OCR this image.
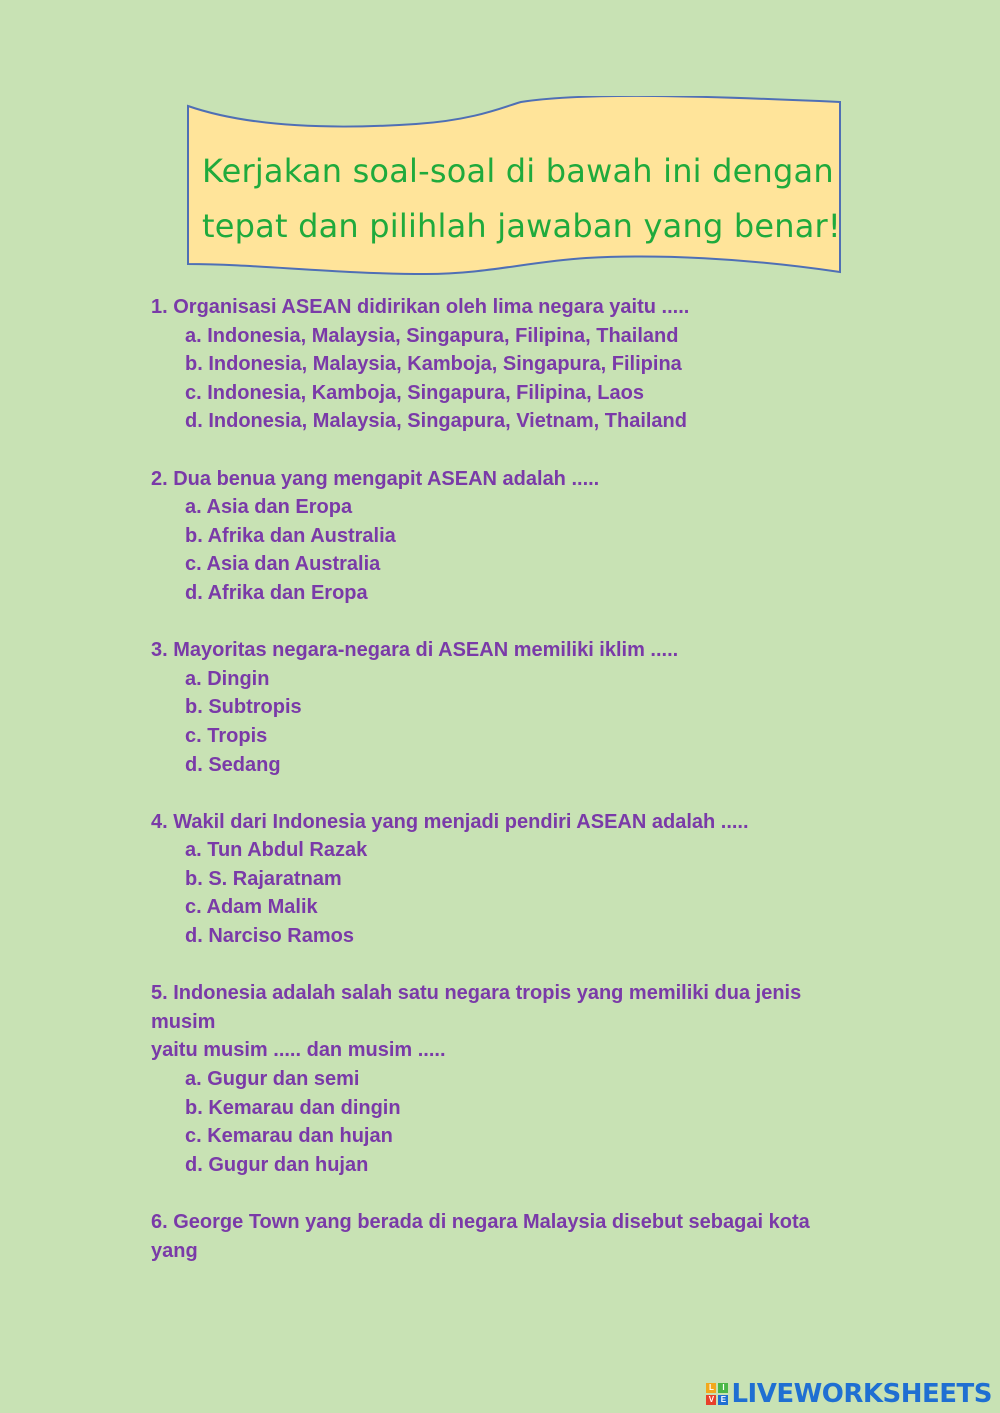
Kerjakan soal-soal di bawah ini dengan
tepat dan pilihlah jawaban yang benar!
1. Organisasi ASEAN didirikan oleh lima negara yaitu .....
a. Indonesia, Malaysia, Singapura, Filipina, Thailand
b. Indonesia, Malaysia, Kamboja, Singapura, Filipina
c. Indonesia, Kamboja, Singapura, Filipina, Laos
d. Indonesia, Malaysia, Singapura, Vietnam, Thailand
2. Dua benua yang mengapit ASEAN adalah .....
a. Asia dan Eropa
b. Afrika dan Australia
c. Asia dan Australia
d. Afrika dan Eropa
3. Mayoritas negara-negara di ASEAN memiliki iklim .....
a. Dingin
b. Subtropis
c. Tropis
d. Sedang
4. Wakil dari Indonesia yang menjadi pendiri ASEAN adalah .....
a. Tun Abdul Razak
b. S. Rajaratnam
c. Adam Malik
d. Narciso Ramos
5. Indonesia adalah salah satu negara tropis yang memiliki dua jenis
musim
yaitu musim ..... dan musim .....
a. Gugur dan semi
b. Kemarau dan dingin
c. Kemarau dan hujan
d. Gugur dan hujan
6. George Town yang berada di negara Malaysia disebut sebagai kota
yang
L	I
V E LIVEWORKSHEETS
